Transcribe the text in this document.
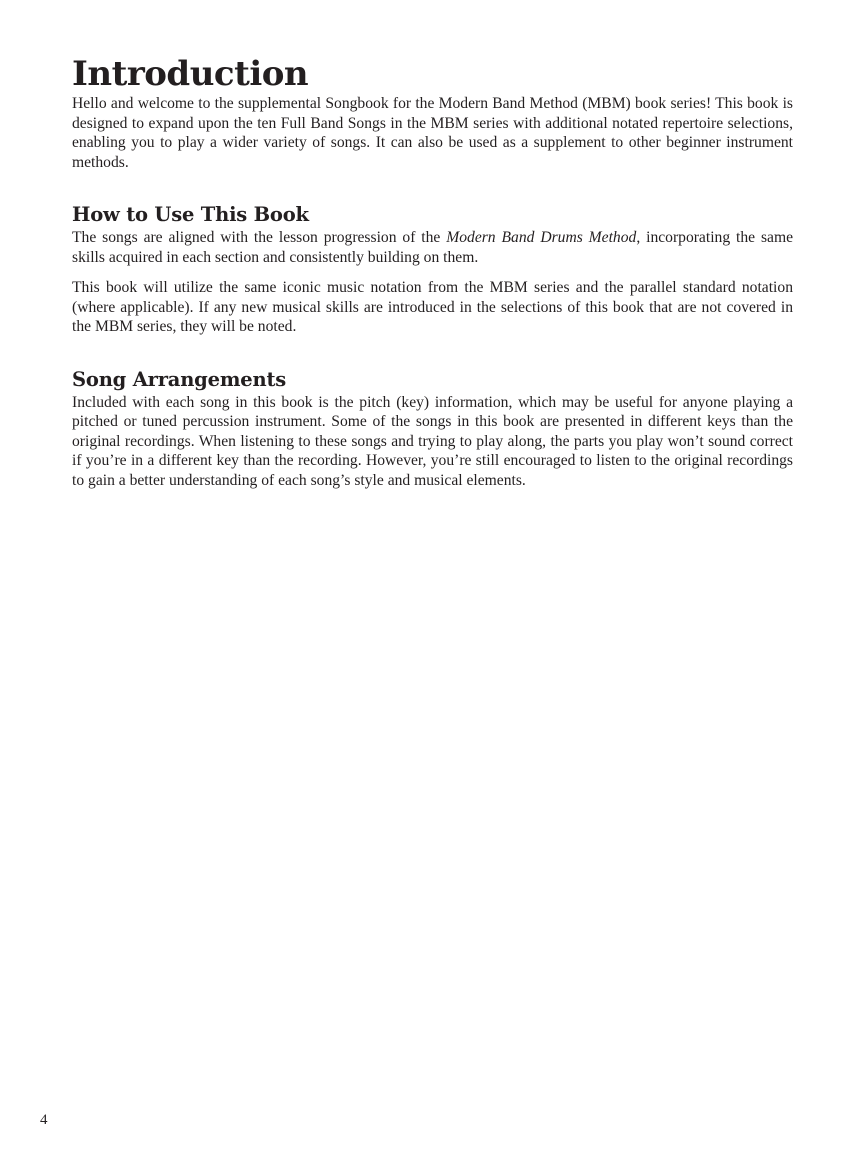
Introduction

Hello and welcome to the supplemental Songbook for the Modern Band Method (MBM) book series! This book is designed to expand upon the ten Full Band Songs in the MBM series with additional notated repertoire selections, enabling you to play a wider variety of songs. It can also be used as a supplement to other beginner instrument methods.

How to Use This Book

The songs are aligned with the lesson progression of the Modern Band Drums Method, incorporating the same skills acquired in each section and consistently building on them.

This book will utilize the same iconic music notation from the MBM series and the parallel standard notation (where applicable). If any new musical skills are introduced in the selections of this book that are not covered in the MBM series, they will be noted.

Song Arrangements

Included with each song in this book is the pitch (key) information, which may be useful for anyone playing a pitched or tuned percussion instrument. Some of the songs in this book are presented in different keys than the original recordings. When listening to these songs and trying to play along, the parts you play won’t sound correct if you’re in a different key than the recording. However, you’re still encouraged to listen to the original recordings to gain a better understanding of each song’s style and musical elements.

4
